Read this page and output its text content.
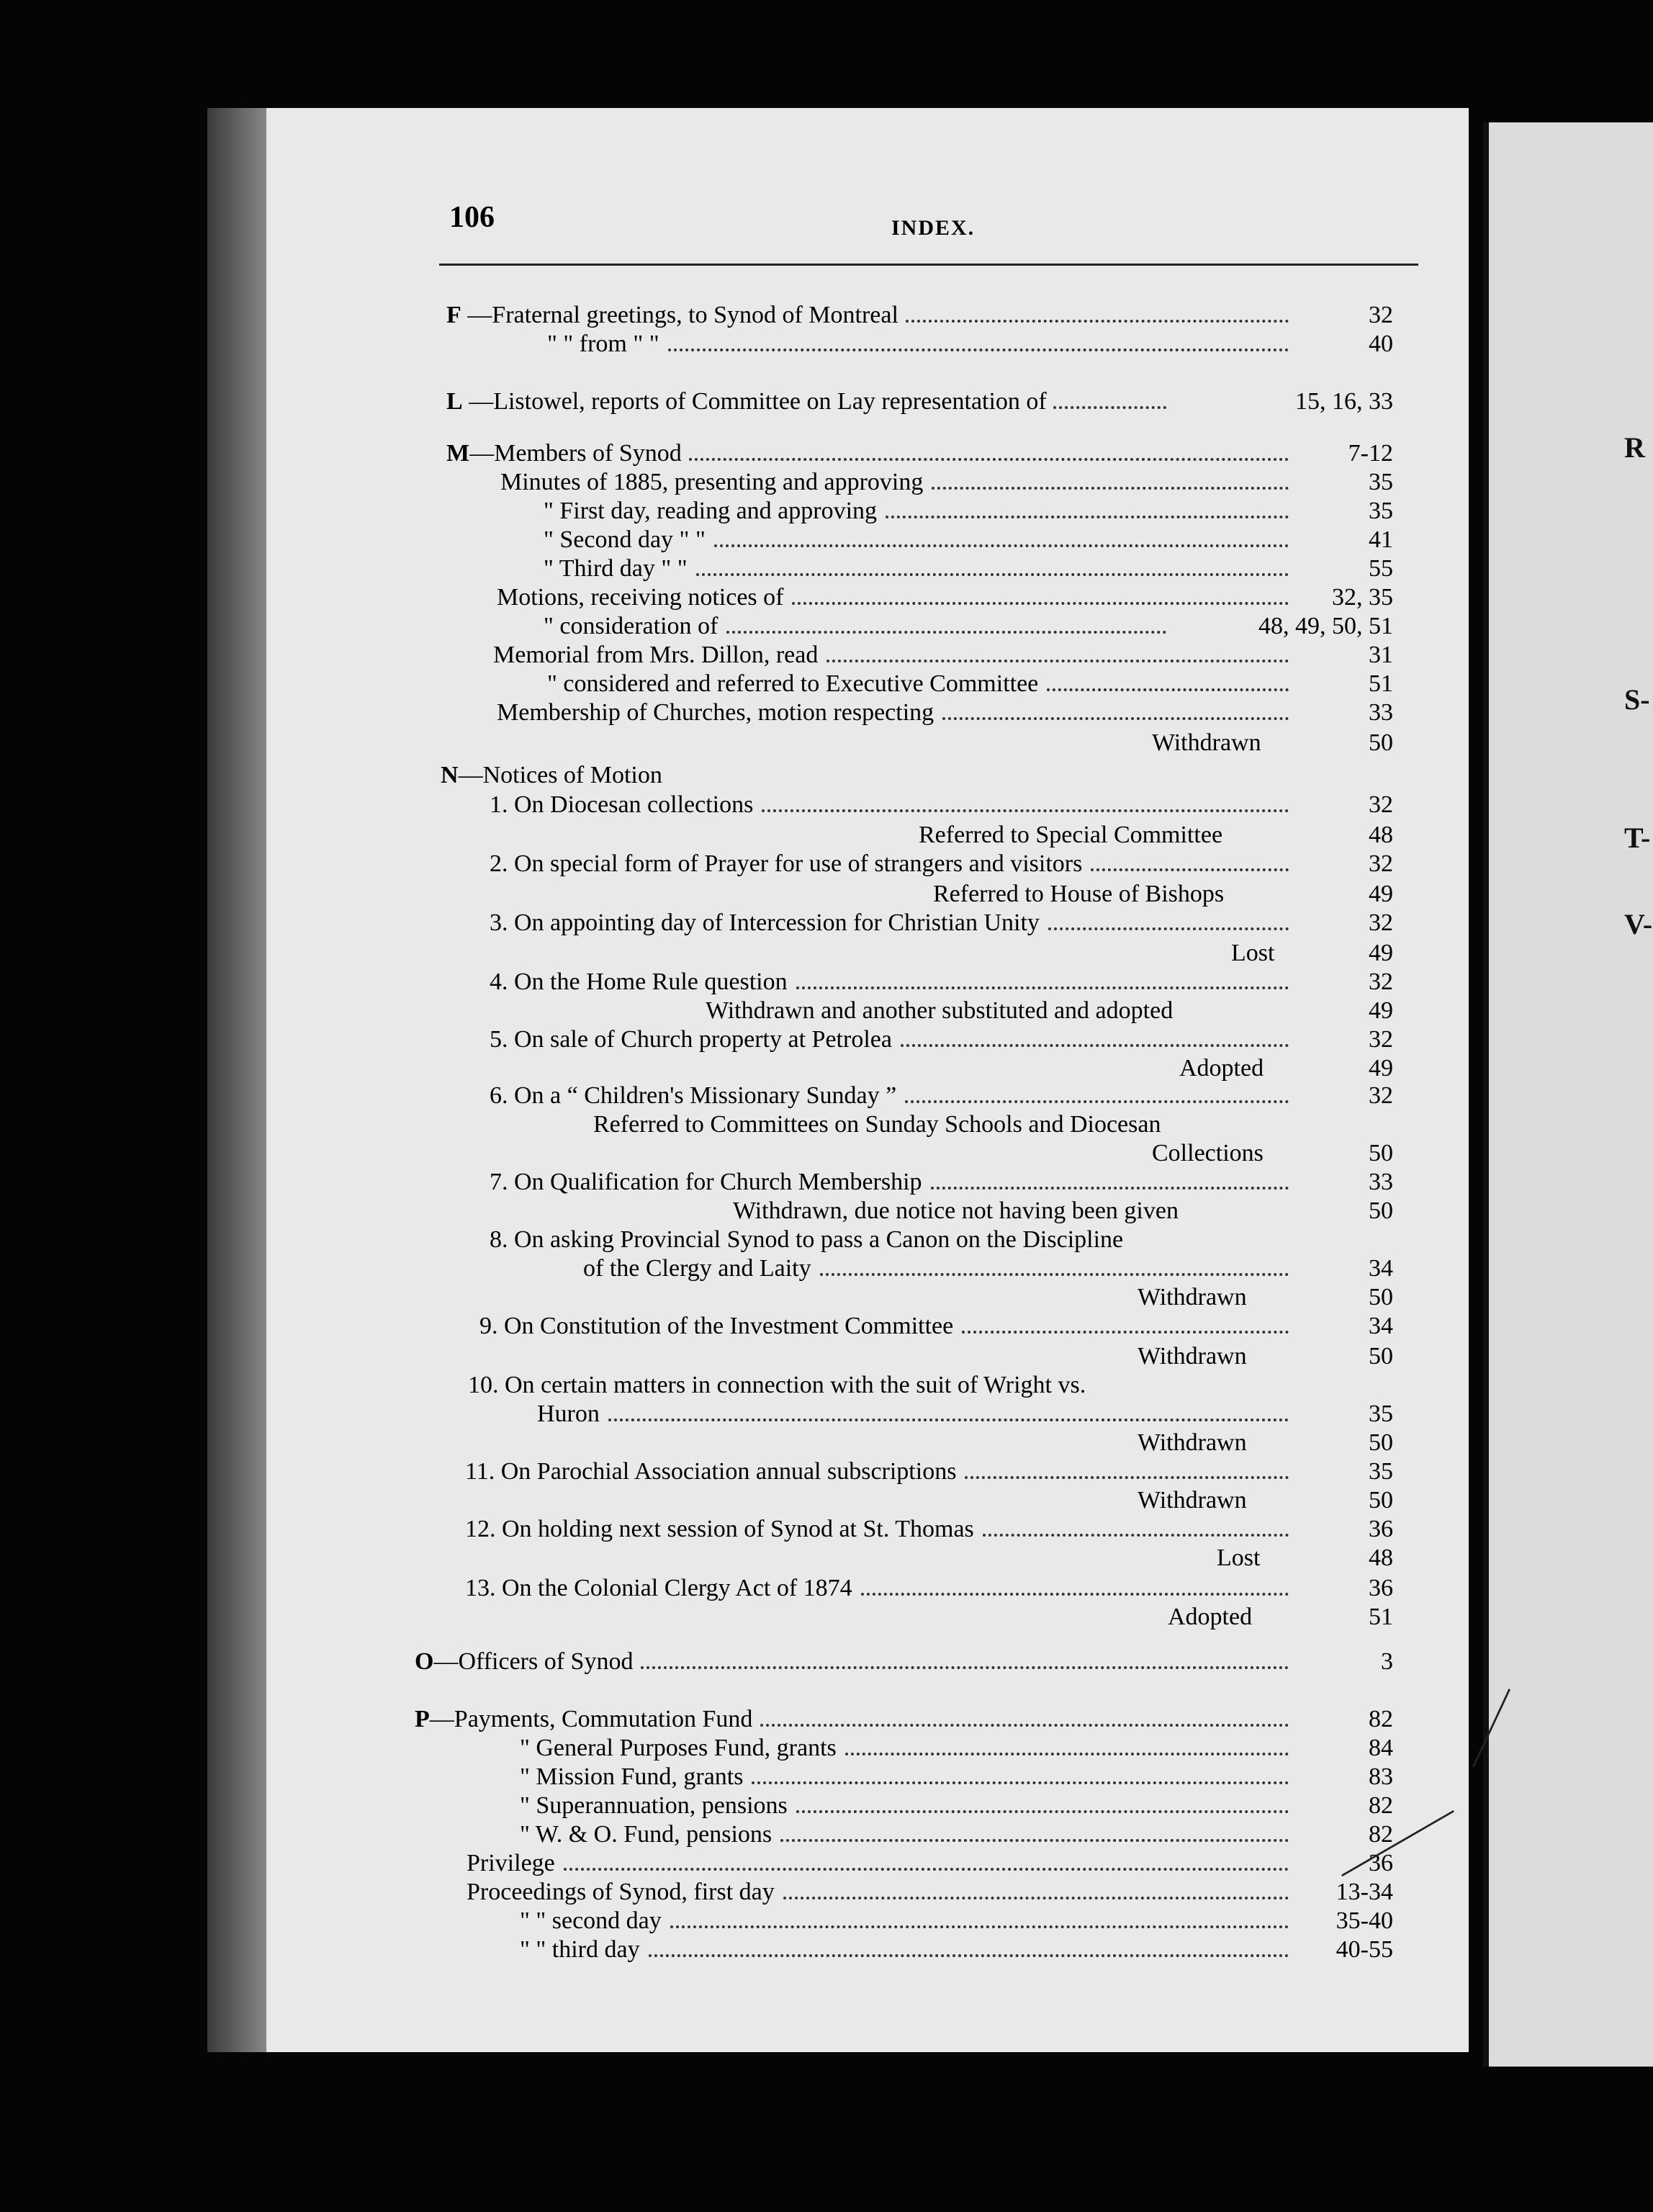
R
S-
T-
V-
106	INDEX.
F —Fraternal greetings, to Synod of Montreal	32
" " from " "	40
L —Listowel, reports of Committee on Lay representation of	15, 16, 33
M—Members of Synod	7-12
Minutes of 1885, presenting and approving	35
" First day, reading and approving	35
" Second day " "	41
" Third day " "	55
Motions, receiving notices of	32, 35
" consideration of	48, 49, 50, 51
Memorial from Mrs. Dillon, read	31
" considered and referred to Executive Committee	51
Membership of Churches, motion respecting	33
Withdrawn	50
N—Notices of Motion
1. On Diocesan collections	32
Referred to Special Committee	48
2. On special form of Prayer for use of strangers and visitors	32
Referred to House of Bishops	49
3. On appointing day of Intercession for Christian Unity	32
Lost	49
4. On the Home Rule question	32
Withdrawn and another substituted and adopted	49
5. On sale of Church property at Petrolea	32
Adopted	49
6. On a “ Children's Missionary Sunday ”	32
Referred to Committees on Sunday Schools and Diocesan
Collections	50
7. On Qualification for Church Membership	33
Withdrawn, due notice not having been given	50
8. On asking Provincial Synod to pass a Canon on the Discipline
of the Clergy and Laity	34
Withdrawn	50
9. On Constitution of the Investment Committee	34
Withdrawn	50
10. On certain matters in connection with the suit of Wright vs.
Huron	35
Withdrawn	50
11. On Parochial Association annual subscriptions	35
Withdrawn	50
12. On holding next session of Synod at St. Thomas	36
Lost	48
13. On the Colonial Clergy Act of 1874	36
Adopted	51
O—Officers of Synod	3
P—Payments, Commutation Fund	82
" General Purposes Fund, grants	84
" Mission Fund, grants	83
" Superannuation, pensions	82
" W. & O. Fund, pensions	82
Privilege	36
Proceedings of Synod, first day	13-34
" " second day	35-40
" " third day	40-55
